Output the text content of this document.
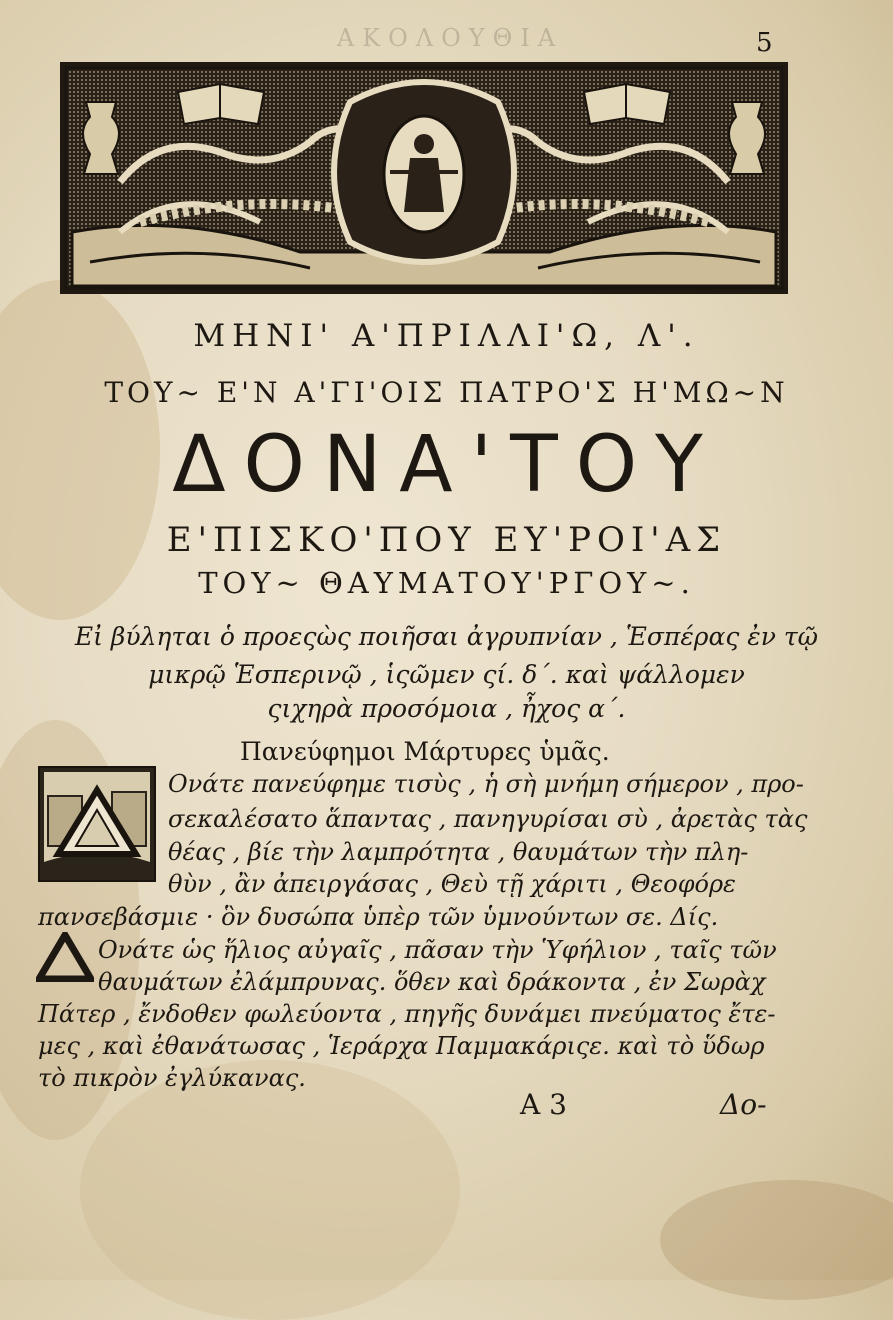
ΑΚΟΛΟΥΘΙΑ	5
ΜΗΝΙ' Α'ΠΡΙΛΛΙ'Ω, Λ'.
ΤΟΥ~ Ε'Ν Α'ΓΙ'ΟΙΣ ΠΑΤΡΟ'Σ Η'ΜΩ~Ν
ΔΟΝΑ'ΤΟΥ
Ε'ΠΙΣΚΟ'ΠΟΥ ΕΥ'ΡΟΙ'ΑΣ
ΤΟΥ~ ΘΑΥΜΑΤΟΥ'ΡΓΟΥ~.
Εἰ βύληται ὁ προεςὼς ποιῆσαι ἀγρυπνίαν , Ἑσπέρας ἐν τῷ
μικρῷ Ἑσπερινῷ , ἱςῶμεν ςί. δ΄. καὶ ψάλλομεν
ςιχηρὰ προσόμοια , ἦχος α΄.
Πανεύφημοι Μάρτυρες ὑμᾶς.
Ονάτε πανεύφημε τισὺς , ἡ σὴ μνήμη σήμερον , προ-
σεκαλέσατο ἅπαντας , πανηγυρίσαι σὺ , ἀρετὰς τὰς
θέας , βίε τὴν λαμπρότητα , θαυμάτων τὴν πλη-
θὺν , ἂν ἀπειργάσας , Θεὺ τῇ χάριτι , Θεοφόρε
πανσεβάσμιε · ὃν δυσώπα ὑπὲρ τῶν ὑμνούντων σε. Δίς.
Δ
Ονάτε ὡς ἥλιος αὐγαῖς , πᾶσαν τὴν Ὑφήλιον , ταῖς τῶν
θαυμάτων ἐλάμπρυνας. ὅθεν καὶ δράκοντα , ἐν Σωρὰχ
Πάτερ , ἔνδοθεν φωλεύοντα , πηγῆς δυνάμει πνεύματος ἔτε-
μες , καὶ ἐθανάτωσας , Ἱεράρχα Παμμακάριςε. καὶ τὸ ὕδωρ
τὸ πικρὸν ἐγλύκανας.
Α 3	Δο-
